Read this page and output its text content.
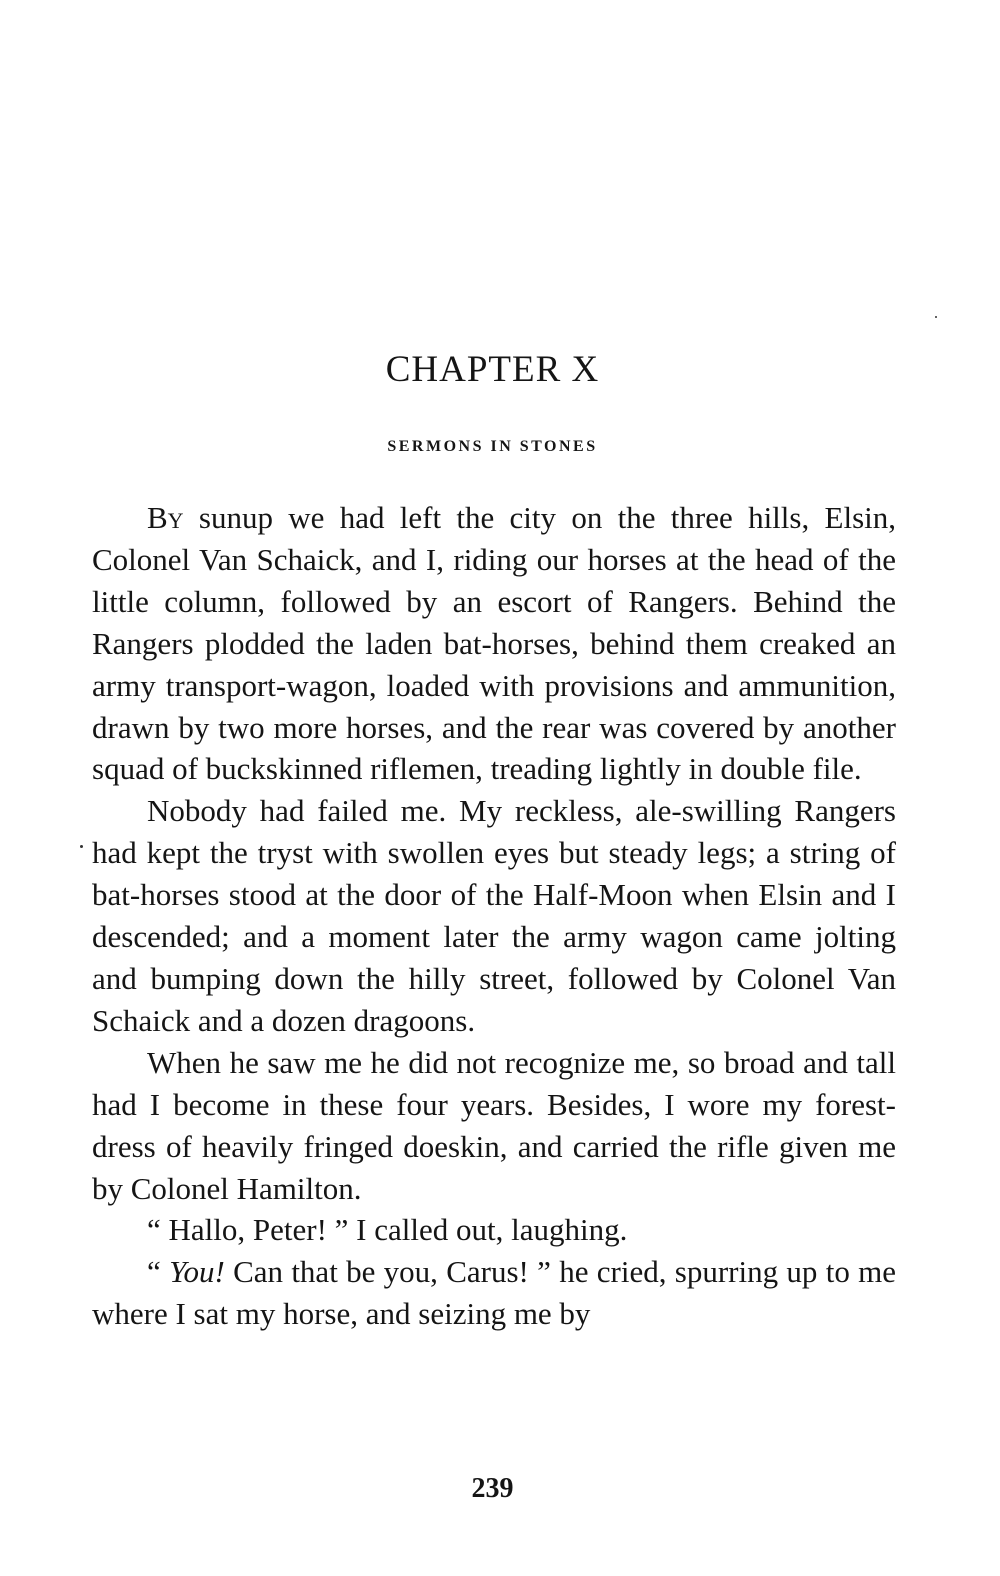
CHAPTER X
SERMONS IN STONES

By sunup we had left the city on the three hills, Elsin, Colonel Van Schaick, and I, riding our horses at the head of the little column, followed by an escort of Rangers. Behind the Rangers plodded the laden bat-horses, behind them creaked an army transport-wagon, loaded with provisions and ammunition, drawn by two more horses, and the rear was covered by another squad of buckskinned riflemen, treading lightly in double file.

Nobody had failed me. My reckless, ale-swilling Rangers had kept the tryst with swollen eyes but steady legs; a string of bat-horses stood at the door of the Half-Moon when Elsin and I descended; and a moment later the army wagon came jolting and bumping down the hilly street, followed by Colonel Van Schaick and a dozen dragoons.

When he saw me he did not recognize me, so broad and tall had I become in these four years. Besides, I wore my forest-dress of heavily fringed doeskin, and carried the rifle given me by Colonel Hamilton.

“ Hallo, Peter! ” I called out, laughing.

“ You! Can that be you, Carus! ” he cried, spurring up to me where I sat my horse, and seizing me by

239
